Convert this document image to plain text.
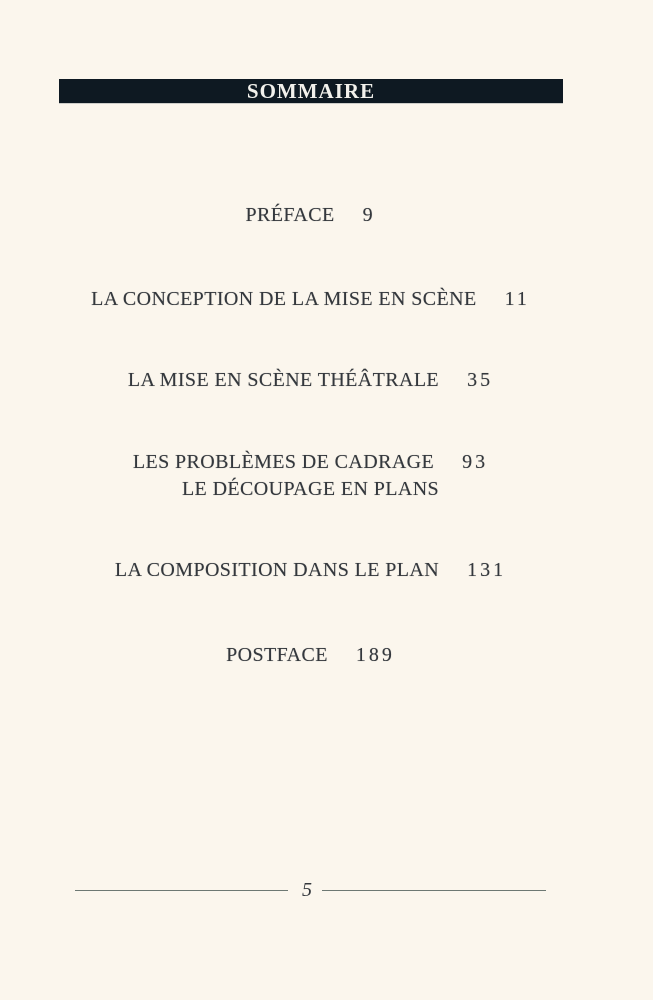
SOMMAIRE
PRÉFACE 9
LA CONCEPTION DE LA MISE EN SCÈNE 11
LA MISE EN SCÈNE THÉÂTRALE 35
LES PROBLÈMES DE CADRAGE 93
LE DÉCOUPAGE EN PLANS
LA COMPOSITION DANS LE PLAN 131
POSTFACE 189
5
